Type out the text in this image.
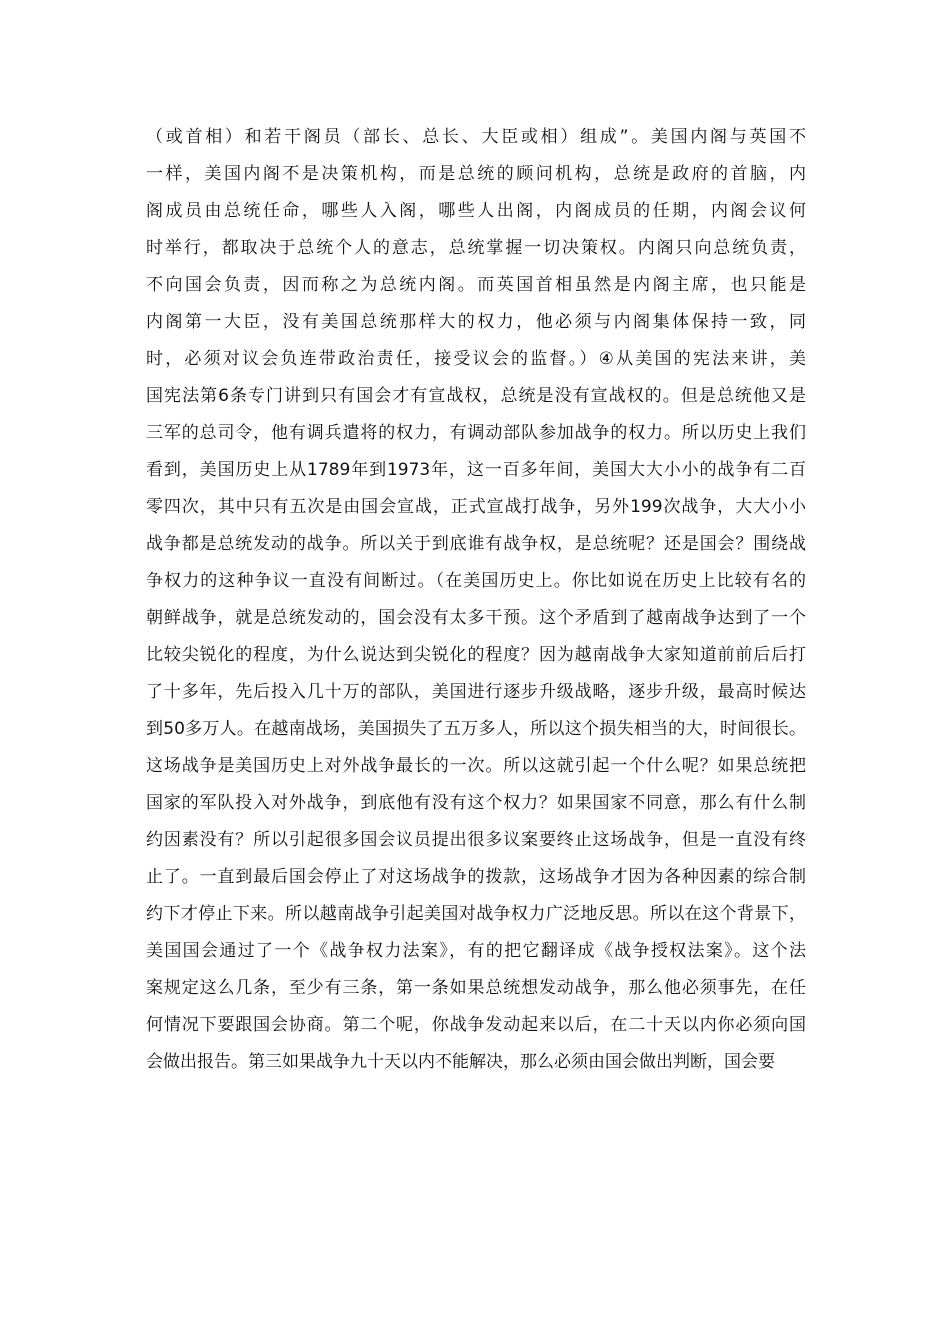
（或首相）和若干阁员（部长、总长、大臣或相）组成”。美国内阁与英国不
一样，美国内阁不是决策机构，而是总统的顾问机构，总统是政府的首脑，内
阁成员由总统任命，哪些人入阁，哪些人出阁，内阁成员的任期，内阁会议何
时举行，都取决于总统个人的意志，总统掌握一切决策权。内阁只向总统负责，
不向国会负责，因而称之为总统内阁。而英国首相虽然是内阁主席，也只能是
内阁第一大臣，没有美国总统那样大的权力，他必须与内阁集体保持一致，同
时，必须对议会负连带政治责任，接受议会的监督。）④从美国的宪法来讲，美
国宪法第6条专门讲到只有国会才有宣战权，总统是没有宣战权的。但是总统他又是
三军的总司令，他有调兵遣将的权力，有调动部队参加战争的权力。所以历史上我们
看到，美国历史上从1789年到1973年，这一百多年间，美国大大小小的战争有二百
零四次，其中只有五次是由国会宣战，正式宣战打战争，另外199次战争，大大小小
战争都是总统发动的战争。所以关于到底谁有战争权，是总统呢？还是国会？围绕战
争权力的这种争议一直没有间断过。（在美国历史上。你比如说在历史上比较有名的
朝鲜战争，就是总统发动的，国会没有太多干预。这个矛盾到了越南战争达到了一个
比较尖锐化的程度，为什么说达到尖锐化的程度？因为越南战争大家知道前前后后打
了十多年，先后投入几十万的部队，美国进行逐步升级战略，逐步升级，最高时候达
到50多万人。在越南战场，美国损失了五万多人，所以这个损失相当的大，时间很长。
这场战争是美国历史上对外战争最长的一次。所以这就引起一个什么呢？如果总统把
国家的军队投入对外战争，到底他有没有这个权力？如果国家不同意，那么有什么制
约因素没有？所以引起很多国会议员提出很多议案要终止这场战争，但是一直没有终
止了。一直到最后国会停止了对这场战争的拨款，这场战争才因为各种因素的综合制
约下才停止下来。所以越南战争引起美国对战争权力广泛地反思。所以在这个背景下，
美国国会通过了一个《战争权力法案》，有的把它翻译成《战争授权法案》。这个法
案规定这么几条，至少有三条，第一条如果总统想发动战争，那么他必须事先，在任
何情况下要跟国会协商。第二个呢，你战争发动起来以后，在二十天以内你必须向国
会做出报告。第三如果战争九十天以内不能解决，那么必须由国会做出判断，国会要
